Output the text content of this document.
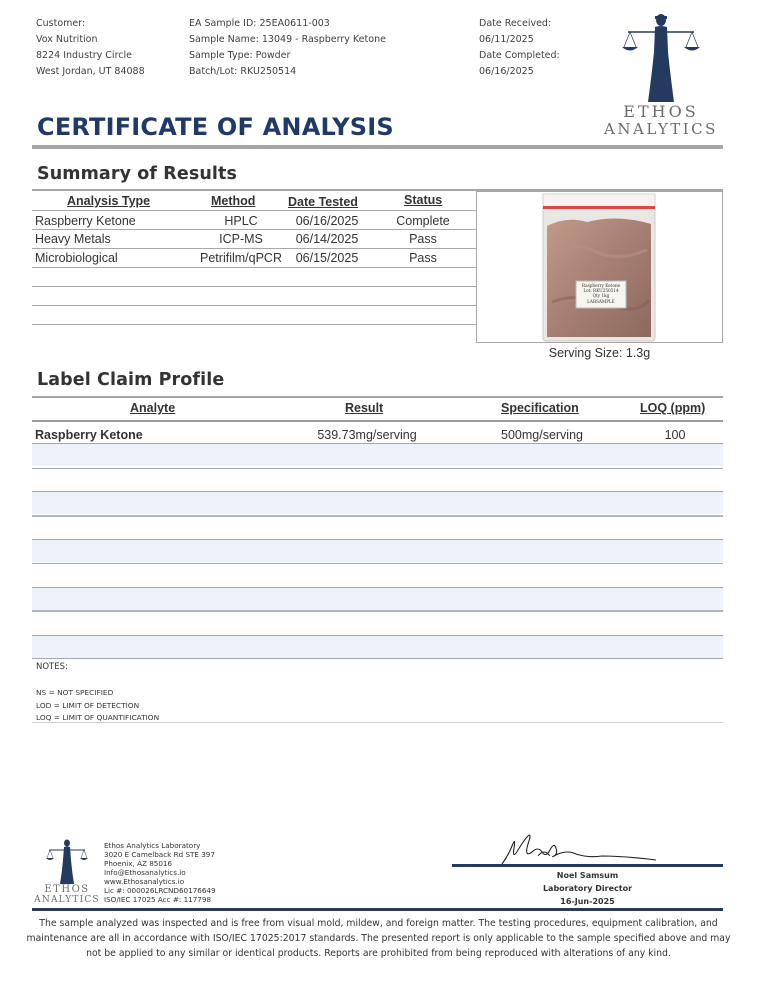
Customer:
Vox Nutrition
8224 Industry Circle
West Jordan, UT 84088
EA Sample ID: 25EA0611-003
Sample Name: 13049 - Raspberry Ketone
Sample Type: Powder
Batch/Lot: RKU250514
Date Received:
06/11/2025
Date Completed:
06/16/2025
ETHOS
ANALYTICS
CERTIFICATE OF ANALYSIS
Summary of Results
Analysis Type	Method	Date Tested	Status
Raspberry Ketone	HPLC	06/16/2025	Complete
Heavy Metals	ICP-MS	06/14/2025	Pass
Microbiological	Petrifilm/qPCR	06/15/2025	Pass
Raspberry Ketone
Lot: RKU250514
Qty 1kg
LABSAMPLE
Serving Size: 1.3g
Label Claim Profile
Analyte	Result	Specification	LOQ (ppm)
Raspberry Ketone	539.73mg/serving	500mg/serving	100
NOTES:
NS = NOT SPECIFIED
LOD = LIMIT OF DETECTION
LOQ = LIMIT OF QUANTIFICATION
ETHOS
ANALYTICS
Ethos Analytics Laboratory
3020 E Camelback Rd STE 397
Phoenix, AZ 85016
Info@Ethosanalytics.io
www.Ethosanalytics.io
Lic #: 000026LRCND60176649
ISO/IEC 17025 Acc #: 117798
Noel Samsum
Laboratory Director
16-Jun-2025
The sample analyzed was inspected and is free from visual mold, mildew, and foreign matter. The testing procedures, equipment calibration, and
maintenance are all in accordance with ISO/IEC 17025:2017 standards. The presented report is only applicable to the sample specified above and may
not be applied to any similar or identical products. Reports are prohibited from being reproduced with alterations of any kind.
